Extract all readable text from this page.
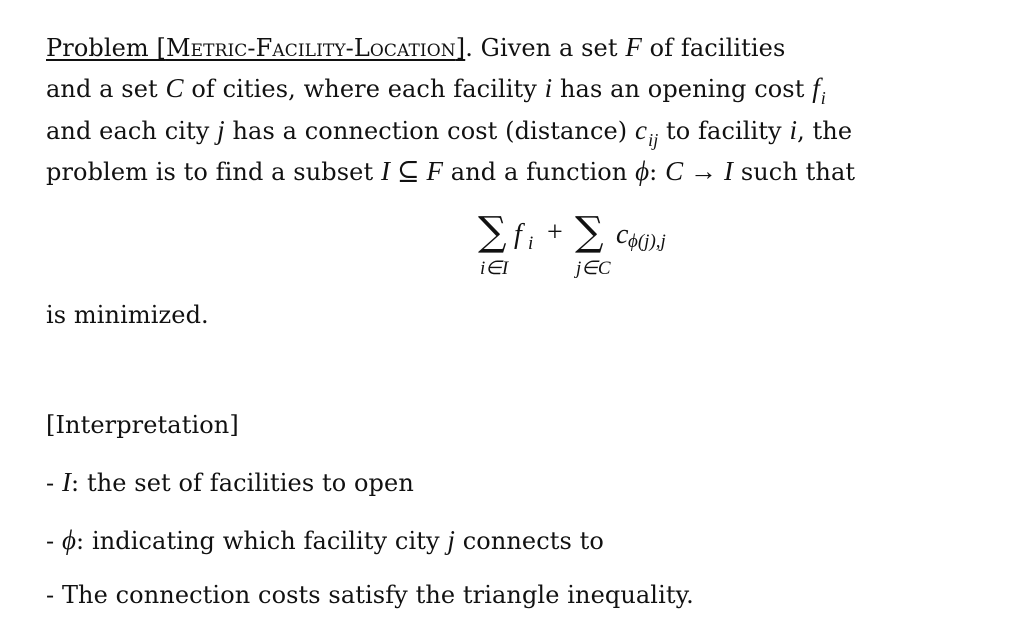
Problem [Metric-Facility-Location]. Given a set F of facilities
and a set C of cities, where each facility i has an opening cost $f_i$
and each city j has a connection cost (distance) $c_{ij}$ to facility i, the
problem is to find a subset I ⊆ F and a function ϕ: C → I such that
∑ f i + ∑ c ϕ(j),j
i∈I	j∈C
is minimized.
[Interpretation]
- I: the set of facilities to open
- ϕ: indicating which facility city j connects to
- The connection costs satisfy the triangle inequality.
